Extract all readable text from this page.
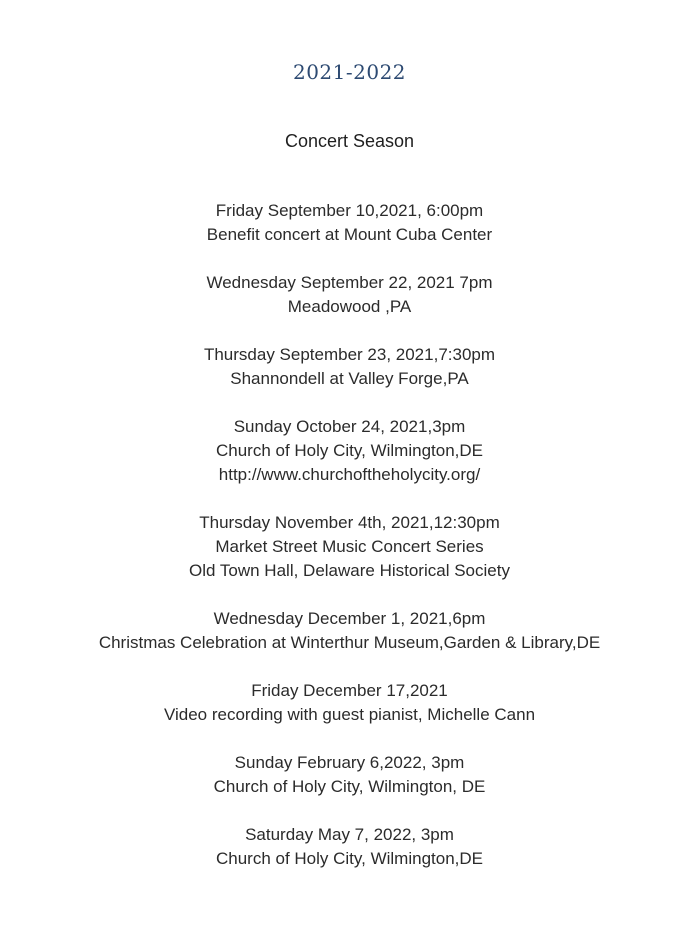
2021-2022
Concert Season
Friday September 10,2021, 6:00pm
Benefit concert at Mount Cuba Center
Wednesday September 22, 2021 7pm
Meadowood ,PA
Thursday September 23, 2021,7:30pm
Shannondell at Valley Forge,PA
Sunday October 24, 2021,3pm
Church of Holy City, Wilmington,DE
http://www.churchoftheholycity.org/
Thursday November 4th, 2021,12:30pm
Market Street Music Concert Series
Old Town Hall, Delaware Historical Society
Wednesday December 1, 2021,6pm
Christmas Celebration at Winterthur Museum,Garden & Library,DE
Friday December 17,2021
Video recording with guest pianist, Michelle Cann
Sunday February 6,2022, 3pm
Church of Holy City, Wilmington, DE
Saturday May 7, 2022, 3pm
Church of Holy City, Wilmington,DE
